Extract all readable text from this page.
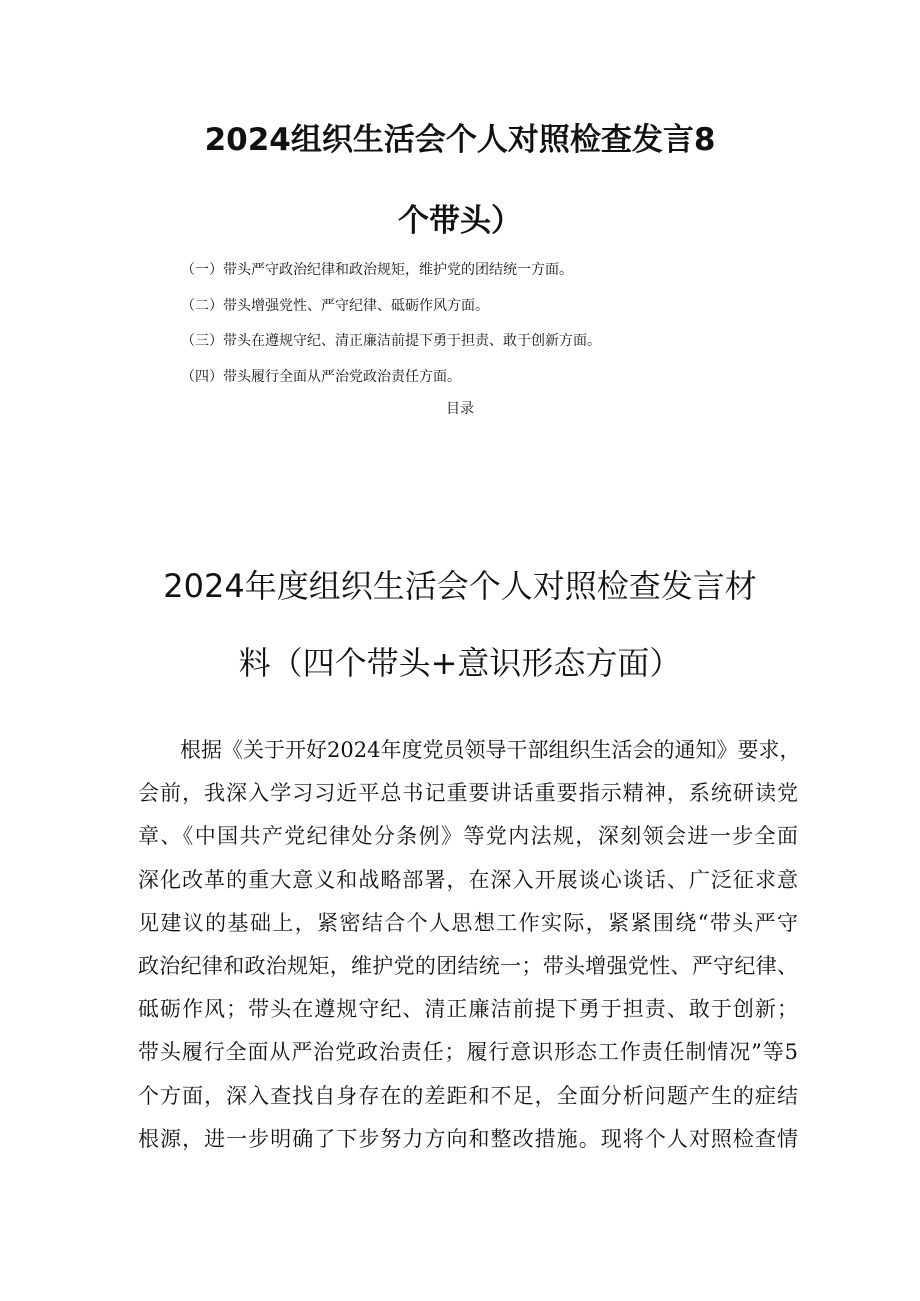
2024组织生活会个人对照检查发言8
个带头）
（一）带头严守政治纪律和政治规矩，维护党的团结统一方面。
（二）带头增强党性、严守纪律、砥砺作风方面。
（三）带头在遵规守纪、清正廉洁前提下勇于担责、敢于创新方面。
（四）带头履行全面从严治党政治责任方面。
目录
2024年度组织生活会个人对照检查发言材
料（四个带头+意识形态方面）
根据《关于开好2024年度党员领导干部组织生活会的通知》要求，
会前，我深入学习习近平总书记重要讲话重要指示精神，系统研读党
章、《中国共产党纪律处分条例》等党内法规，深刻领会进一步全面
深化改革的重大意义和战略部署，在深入开展谈心谈话、广泛征求意
见建议的基础上，紧密结合个人思想工作实际，紧紧围绕“带头严守
政治纪律和政治规矩，维护党的团结统一；带头增强党性、严守纪律、
砥砺作风；带头在遵规守纪、清正廉洁前提下勇于担责、敢于创新；
带头履行全面从严治党政治责任；履行意识形态工作责任制情况”等5
个方面，深入查找自身存在的差距和不足，全面分析问题产生的症结
根源，进一步明确了下步努力方向和整改措施。现将个人对照检查情
